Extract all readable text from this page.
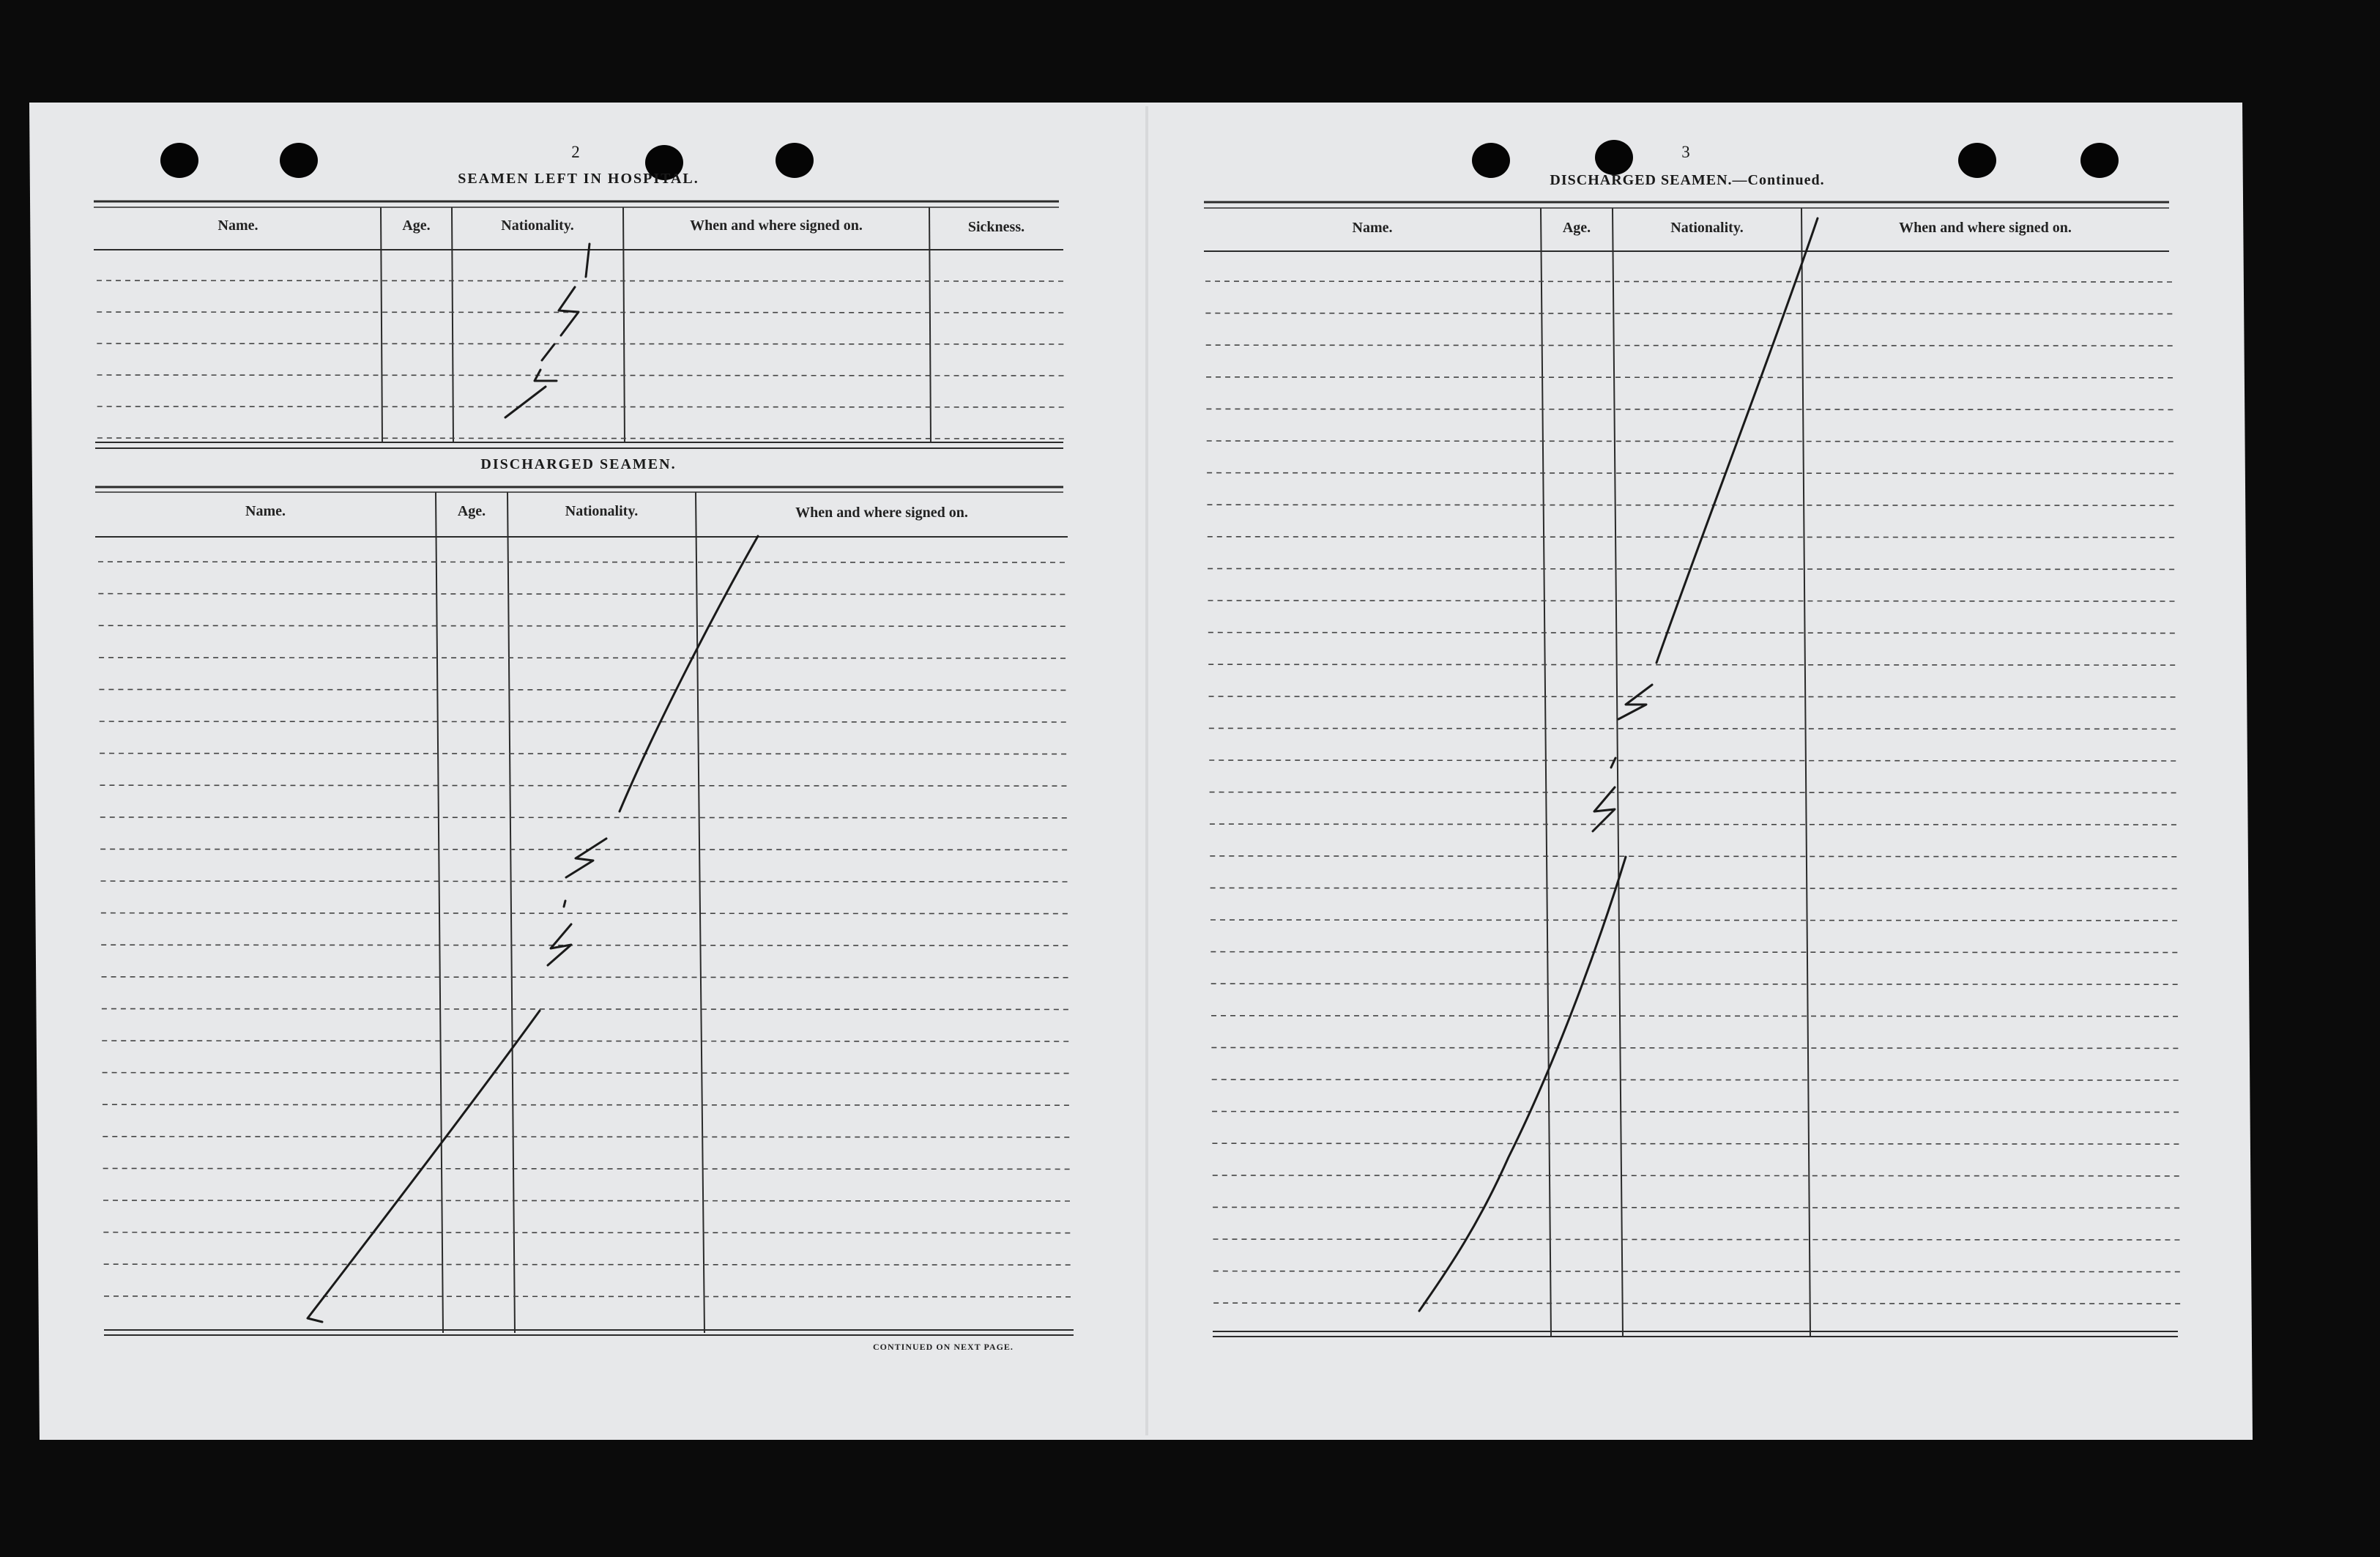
2
SEAMEN LEFT IN HOSPITAL.
Name.	Age.	Nationality.	When and where signed on.	Sickness.
DISCHARGED SEAMEN.
Name.	Age.	Nationality.	When and where signed on.
CONTINUED ON NEXT PAGE.
3
DISCHARGED SEAMEN.—Continued.
Name.	Age.	Nationality.	When and where signed on.
